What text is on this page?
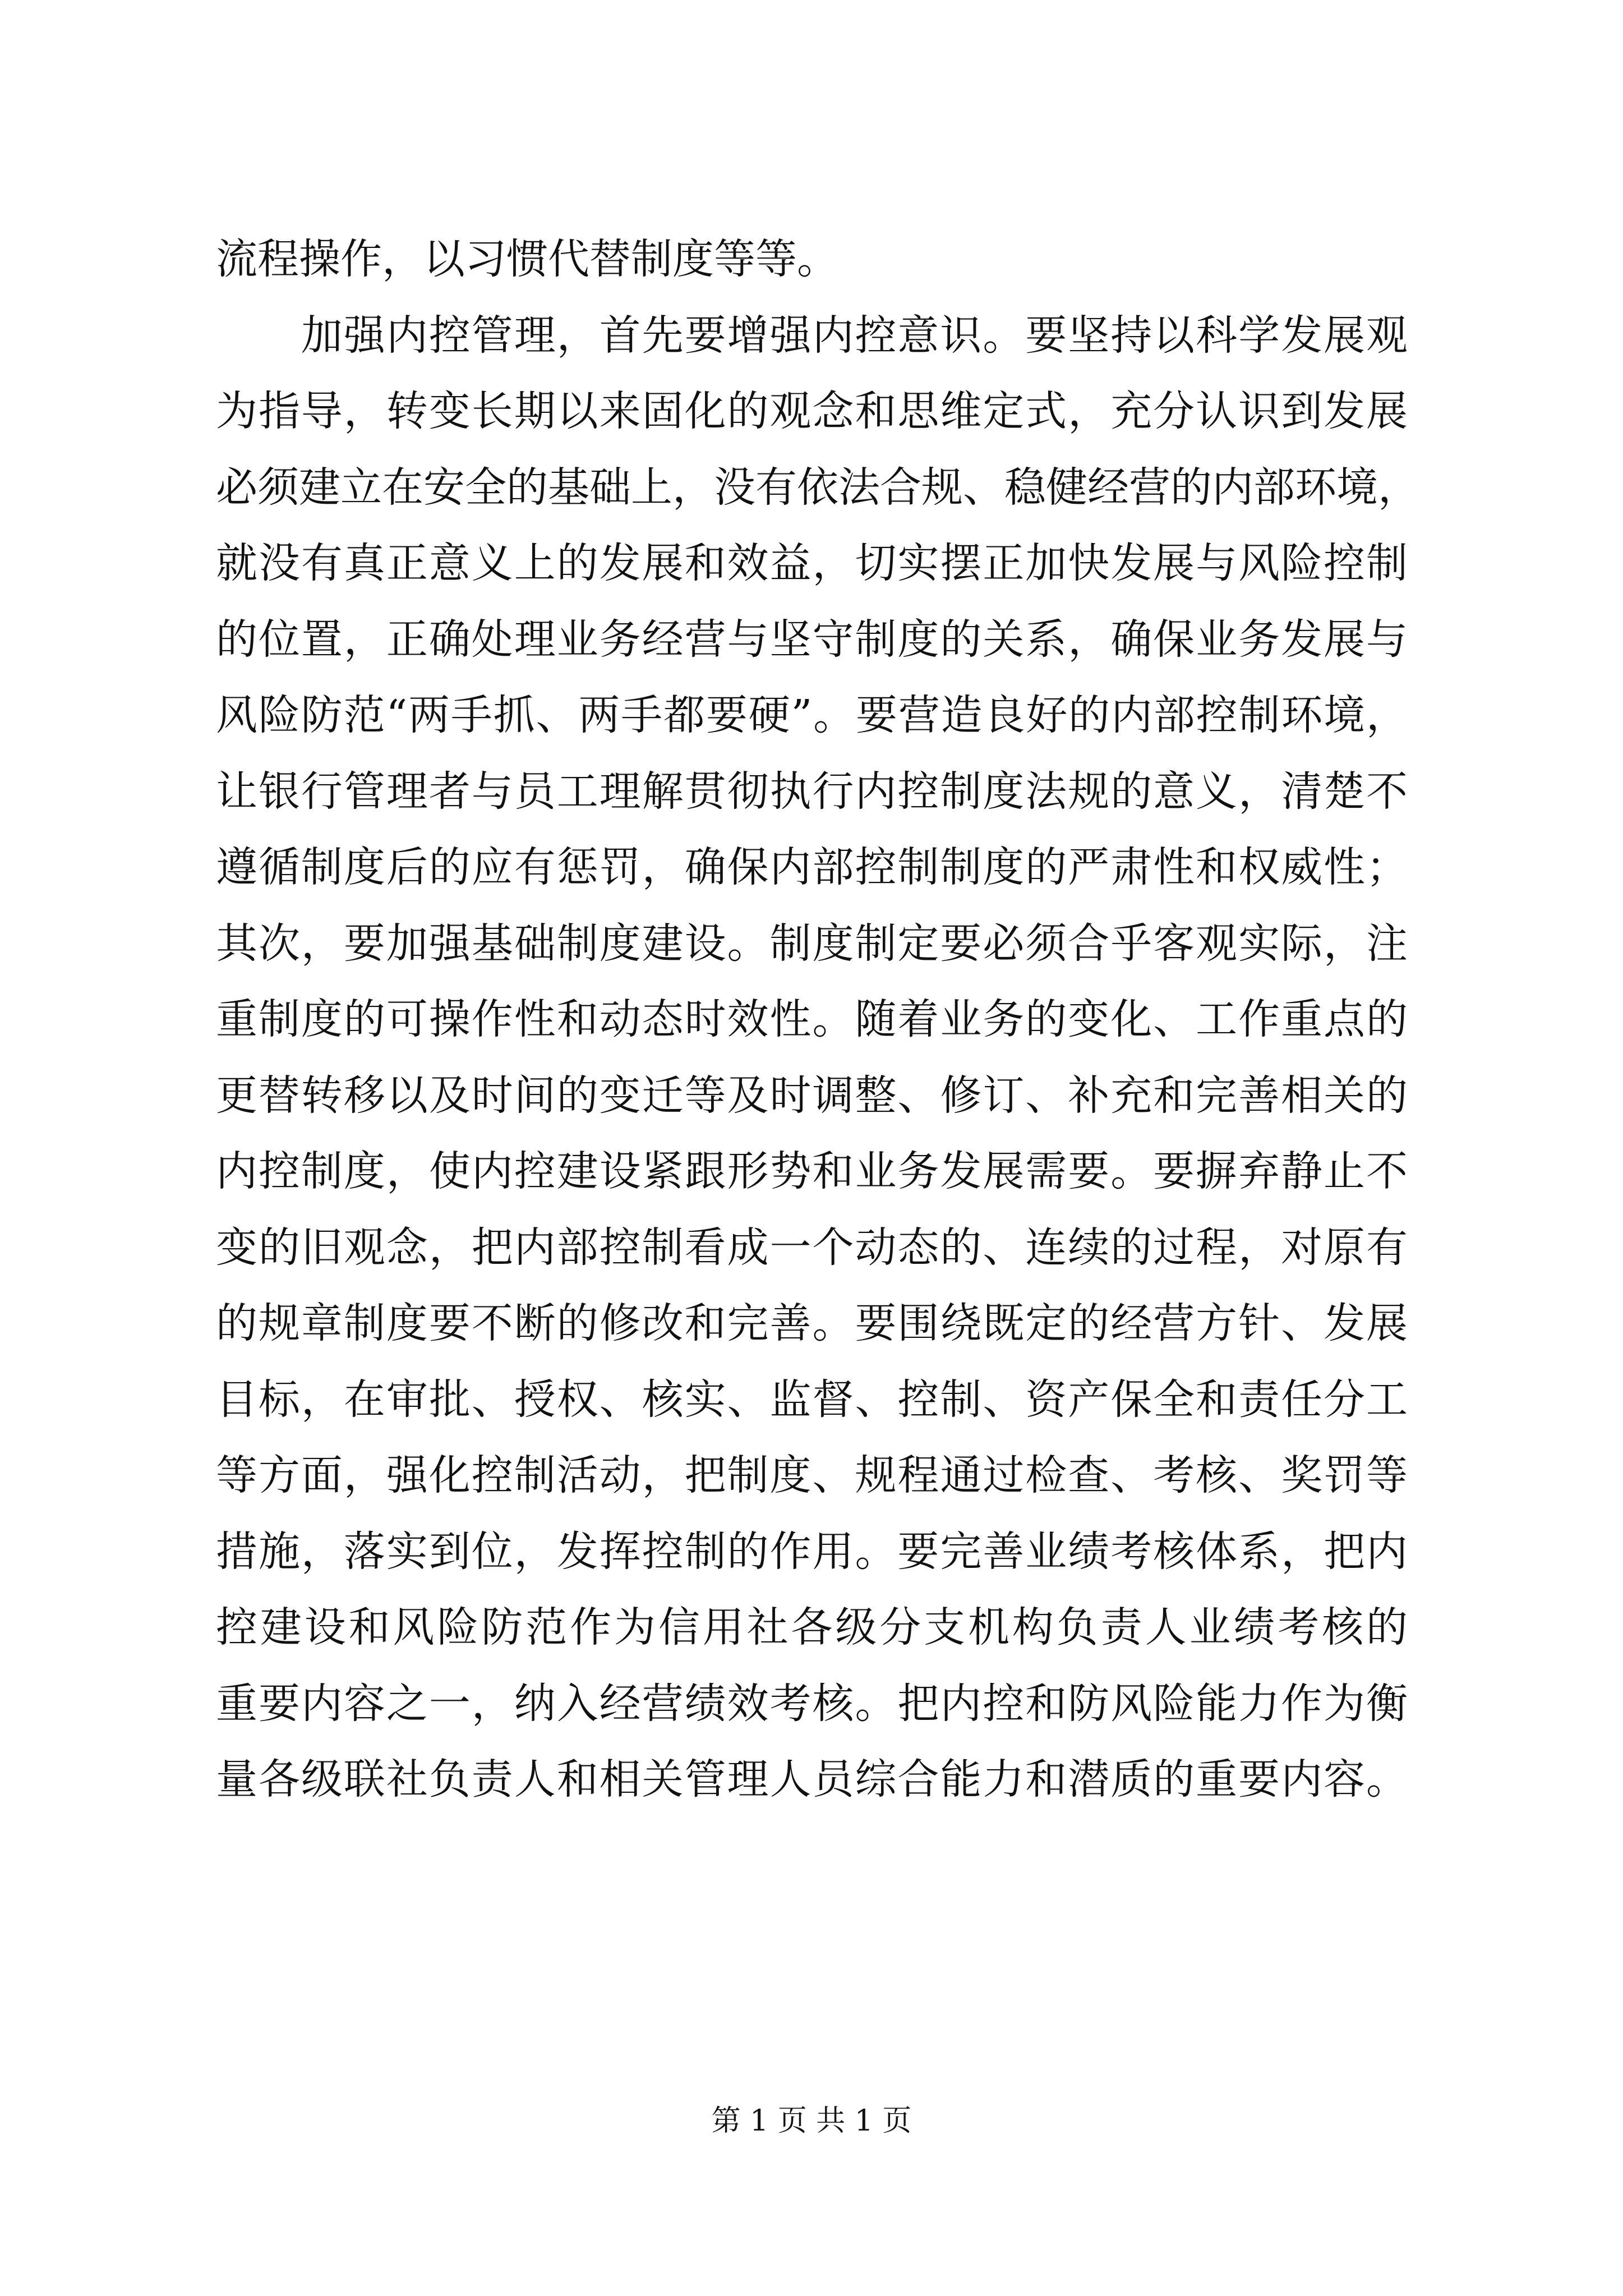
流程操作，以习惯代替制度等等。
　　加强内控管理，首先要增强内控意识。要坚持以科学发展观
为指导，转变长期以来固化的观念和思维定式，充分认识到发展
必须建立在安全的基础上，没有依法合规、稳健经营的内部环境，
就没有真正意义上的发展和效益，切实摆正加快发展与风险控制
的位置，正确处理业务经营与坚守制度的关系，确保业务发展与
风险防范“两手抓、两手都要硬”。要营造良好的内部控制环境，
让银行管理者与员工理解贯彻执行内控制度法规的意义，清楚不
遵循制度后的应有惩罚，确保内部控制制度的严肃性和权威性；
其次，要加强基础制度建设。制度制定要必须合乎客观实际，注
重制度的可操作性和动态时效性。随着业务的变化、工作重点的
更替转移以及时间的变迁等及时调整、修订、补充和完善相关的
内控制度，使内控建设紧跟形势和业务发展需要。要摒弃静止不
变的旧观念，把内部控制看成一个动态的、连续的过程，对原有
的规章制度要不断的修改和完善。要围绕既定的经营方针、发展
目标，在审批、授权、核实、监督、控制、资产保全和责任分工
等方面，强化控制活动，把制度、规程通过检查、考核、奖罚等
措施，落实到位，发挥控制的作用。要完善业绩考核体系，把内
控建设和风险防范作为信用社各级分支机构负责人业绩考核的
重要内容之一，纳入经营绩效考核。把内控和防风险能力作为衡
量各级联社负责人和相关管理人员综合能力和潜质的重要内容。
第 1 页 共 1 页
